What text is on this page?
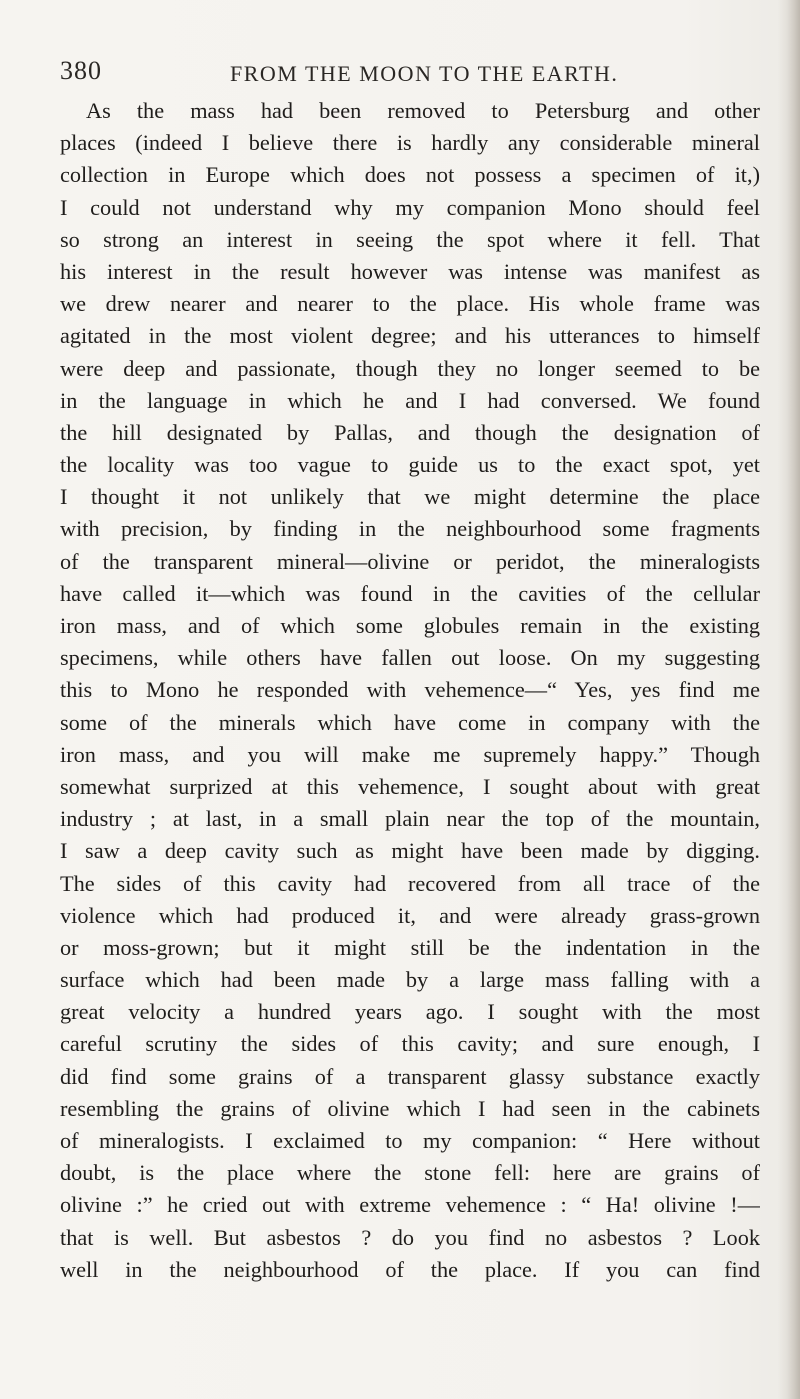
380	FROM THE MOON TO THE EARTH.
As the mass had been removed to Petersburg and other
places (indeed I believe there is hardly any considerable mineral
collection in Europe which does not possess a specimen of it,)
I could not understand why my companion Mono should feel
so strong an interest in seeing the spot where it fell. That
his interest in the result however was intense was manifest as
we drew nearer and nearer to the place. His whole frame was
agitated in the most violent degree; and his utterances to himself
were deep and passionate, though they no longer seemed to be
in the language in which he and I had conversed. We found
the hill designated by Pallas, and though the designation of
the locality was too vague to guide us to the exact spot, yet
I thought it not unlikely that we might determine the place
with precision, by finding in the neighbourhood some fragments
of the transparent mineral—olivine or peridot, the mineralogists
have called it—which was found in the cavities of the cellular
iron mass, and of which some globules remain in the existing
specimens, while others have fallen out loose. On my suggesting
this to Mono he responded with vehemence—“ Yes, yes find me
some of the minerals which have come in company with the
iron mass, and you will make me supremely happy.” Though
somewhat surprized at this vehemence, I sought about with great
industry ; at last, in a small plain near the top of the mountain,
I saw a deep cavity such as might have been made by digging.
The sides of this cavity had recovered from all trace of the
violence which had produced it, and were already grass-grown
or moss-grown; but it might still be the indentation in the
surface which had been made by a large mass falling with a
great velocity a hundred years ago. I sought with the most
careful scrutiny the sides of this cavity; and sure enough, I
did find some grains of a transparent glassy substance exactly
resembling the grains of olivine which I had seen in the cabinets
of mineralogists. I exclaimed to my companion: “ Here without
doubt, is the place where the stone fell: here are grains of
olivine :” he cried out with extreme vehemence : “ Ha! olivine !—
that is well. But asbestos ? do you find no asbestos ? Look
well in the neighbourhood of the place. If you can find
